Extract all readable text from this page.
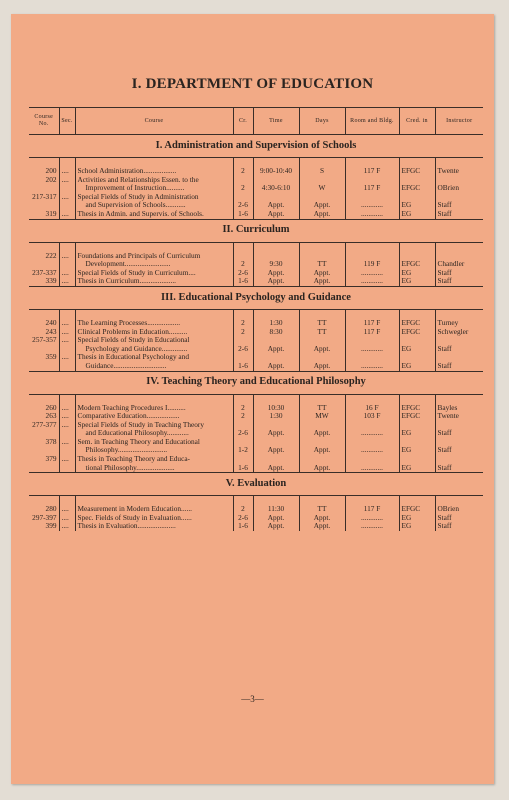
I. DEPARTMENT OF EDUCATION
Course No.	Sec.	Course	Cr.	Time	Days	Room and Bldg.	Cred. in	Instructor
I. Administration and Supervision of Schools								

200	....	School Administration..................	2	9:00-10:40	S	117 F	EFGC	Twente
202	....	Activities and Relationships Essen. to the						
		Improvement of Instruction..........	2	4:30-6:10	W	117 F	EFGC	OBrien
217-317	....	Special Fields of Study in Administration						
		and Supervision of Schools...........	2-6	Appt.	Appt.	............	EG	Staff
319	....	Thesis in Admin. and Supervis. of Schools.	1-6	Appt.	Appt.	............	EG	Staff
II. Curriculum								

222	....	Foundations and Principals of Curriculum						
		Development.........................	2	9:30	TT	119 F	EFGC	Chandler
237-337	....	Special Fields of Study in Curriculum....	2-6	Appt.	Appt.	............	EG	Staff
339	....	Thesis in Curriculum....................	1-6	Appt.	Appt.	............	EG	Staff
III. Educational Psychology and Guidance								

240	....	The Learning Processes..................	2	1:30	TT	117 F	EFGC	Turney
243	....	Clinical Problems in Education..........	2	8:30	TT	117 F	EFGC	Schwegler
257-357	....	Special Fields of Study in Educational						
		Psychology and Guidance..............	2-6	Appt.	Appt.	............	EG	Staff
359	....	Thesis in Educational Psychology and						
		Guidance.............................	1-6	Appt.	Appt.	............	EG	Staff
IV. Teaching Theory and Educational Philosophy								

260	....	Modern Teaching Procedures I..........	2	10:30	TT	16 F	EFGC	Bayles
263	....	Comparative Education..................	2	1:30	MW	103 F	EFGC	Twente
277-377	....	Special Fields of Study in Teaching Theory						
		and Educational Philosophy............	2-6	Appt.	Appt.	............	EG	Staff
378	....	Sem. in Teaching Theory and Educational						
		Philosophy...........................	1-2	Appt.	Appt.	............	EG	Staff
379	....	Thesis in Teaching Theory and Educa-						
		tional Philosophy.....................	1-6	Appt.	Appt.	............	EG	Staff
V. Evaluation								

280	....	Measurement in Modern Education......	2	11:30	TT	117 F	EFGC	OBrien
297-397	....	Spec. Fields of Study in Evaluation......	2-6	Appt.	Appt.	............	EG	Staff
399	....	Thesis in Evaluation.....................	1-6	Appt.	Appt.	............	EG	Staff
—3—
